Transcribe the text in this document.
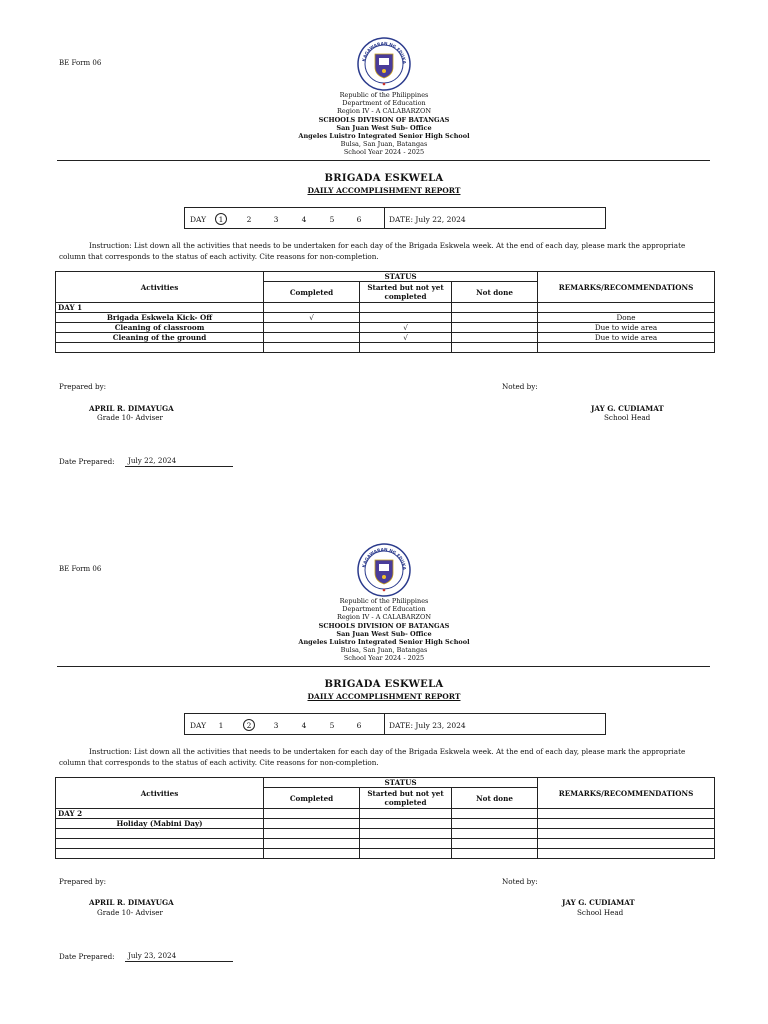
BE Form 06	KAGAWARAN NG EDUKA
Republic of the Philippines
Department of Education
Region IV - A CALABARZON
SCHOOLS DIVISION OF BATANGAS
San Juan West Sub- Office
Angeles Luistro Integrated Senior High School
Bulsa, San Juan, Batangas
School Year 2024 - 2025
BRIGADA ESKWELA
DAILY ACCOMPLISHMENT REPORT
DAY	1	2	3	4	5	6	DATE: July 22, 2024
Instruction: List down all the activities that needs to be undertaken for each day of the Brigada Eskwela week. At the end of each day, please mark the appropriate column that corresponds to the status of each activity. Cite reasons for non-completion.
Activities	STATUS			REMARKS/RECOMMENDATIONS
	Completed	Started but not yet completed	Not done	
DAY 1				
Brigada Eskwela Kick- Off	√			Done
Cleaning of classroom		√		Due to wide area
Cleaning of the ground		√		Due to wide area

Prepared by:	Noted by:
APRIL R. DIMAYUGA
Grade 10- Adviser
JAY G. CUDIAMAT
School Head
Date Prepared:	July 22, 2024
BE Form 06	KAGAWARAN NG EDUKA
Republic of the Philippines
Department of Education
Region IV - A CALABARZON
SCHOOLS DIVISION OF BATANGAS
San Juan West Sub- Office
Angeles Luistro Integrated Senior High School
Bulsa, San Juan, Batangas
School Year 2024 - 2025
BRIGADA ESKWELA
DAILY ACCOMPLISHMENT REPORT
DAY	1	2	3	4	5	6	DATE: July 23, 2024
Instruction: List down all the activities that needs to be undertaken for each day of the Brigada Eskwela week. At the end of each day, please mark the appropriate column that corresponds to the status of each activity. Cite reasons for non-completion.
Activities	STATUS			REMARKS/RECOMMENDATIONS
	Completed	Started but not yet completed	Not done	
DAY 2				
Holiday (Mabini Day)				

Prepared by:	Noted by:
APRIL R. DIMAYUGA
Grade 10- Adviser
JAY G. CUDIAMAT
School Head
Date Prepared:	July 23, 2024
